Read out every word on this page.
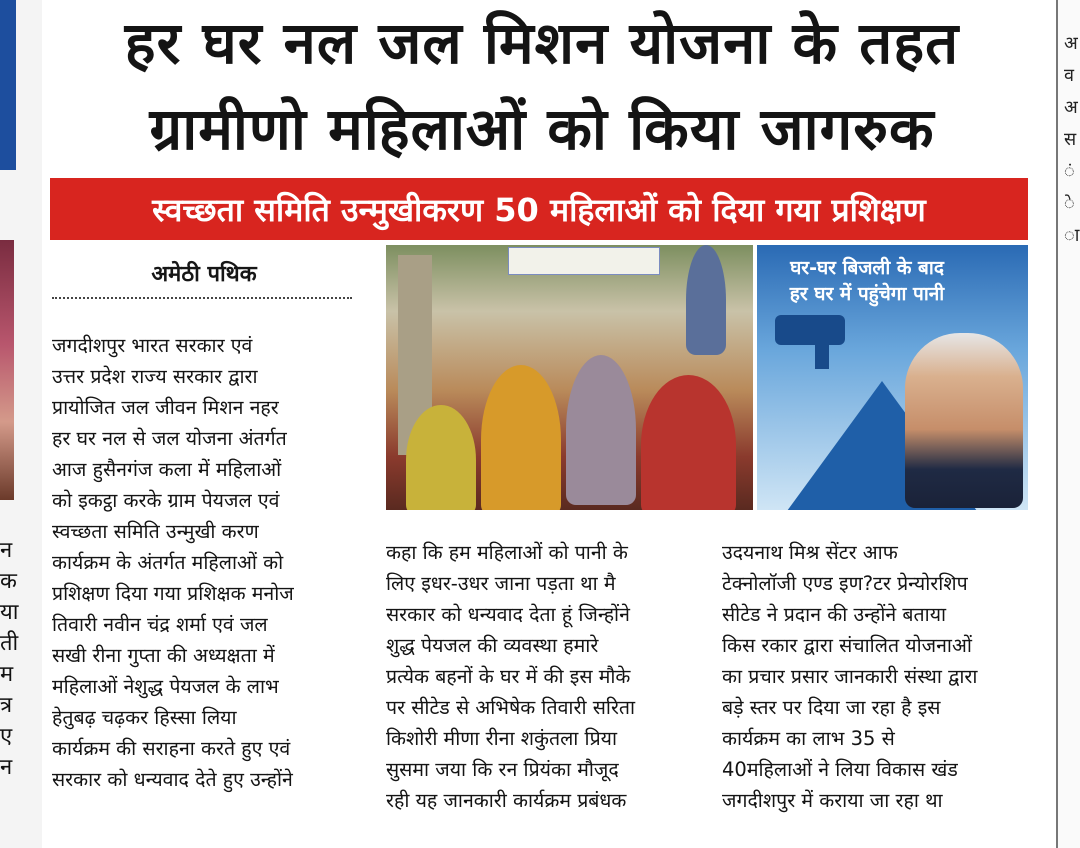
न
क
या
ती
म
त्र
ए
न
अ
व
अ
स
ं
े
ा
हर घर नल जल मिशन योजना के तहत
ग्रामीणो महिलाओं को किया जागरुक
स्वच्छता समिति उन्मुखीकरण 50 महिलाओं को दिया गया प्रशिक्षण
अमेठी पथिक

जगदीशपुर भारत सरकार एवं

उत्तर प्रदेश राज्य सरकार द्वारा

प्रायोजित जल जीवन मिशन नहर

हर घर नल से जल योजना अंतर्गत

आज हुसैनगंज कला में महिलाओं

को इकट्ठा करके ग्राम पेयजल एवं

स्वच्छता समिति उन्मुखी करण

कार्यक्रम के अंतर्गत महिलाओं को

प्रशिक्षण दिया गया प्रशिक्षक मनोज

तिवारी नवीन चंद्र शर्मा एवं जल

सखी रीना गुप्ता की अध्यक्षता में

महिलाओं नेशुद्ध पेयजल के लाभ

हेतुबढ़ चढ़कर हिस्सा लिया

कार्यक्रम की सराहना करते हुए एवं

सरकार को धन्यवाद देते हुए उन्होंने

घर-घर बिजली के बाद
हर घर में पहुंचेगा पानी

कहा कि हम महिलाओं को पानी के

लिए इधर-उधर जाना पड़ता था मै

सरकार को धन्यवाद देता हूं जिन्होंने

शुद्ध पेयजल की व्यवस्था हमारे

प्रत्येक बहनों के घर में की इस मौके

पर सीटेड से अभिषेक तिवारी सरिता

किशोरी मीणा रीना शकुंतला प्रिया

सुसमा जया कि रन प्रियंका मौजूद

रही यह जानकारी कार्यक्रम प्रबंधक

उदयनाथ मिश्र सेंटर आफ

टेक्नोलॉजी एण्ड इण?टर प्रेन्योरशिप

सीटेड ने प्रदान की उन्होंने बताया

किस रकार द्वारा संचालित योजनाओं

का प्रचार प्रसार जानकारी संस्था द्वारा

बड़े स्तर पर दिया जा रहा है इस

कार्यक्रम का लाभ 35 से

40महिलाओं ने लिया विकास खंड

जगदीशपुर में कराया जा रहा था
